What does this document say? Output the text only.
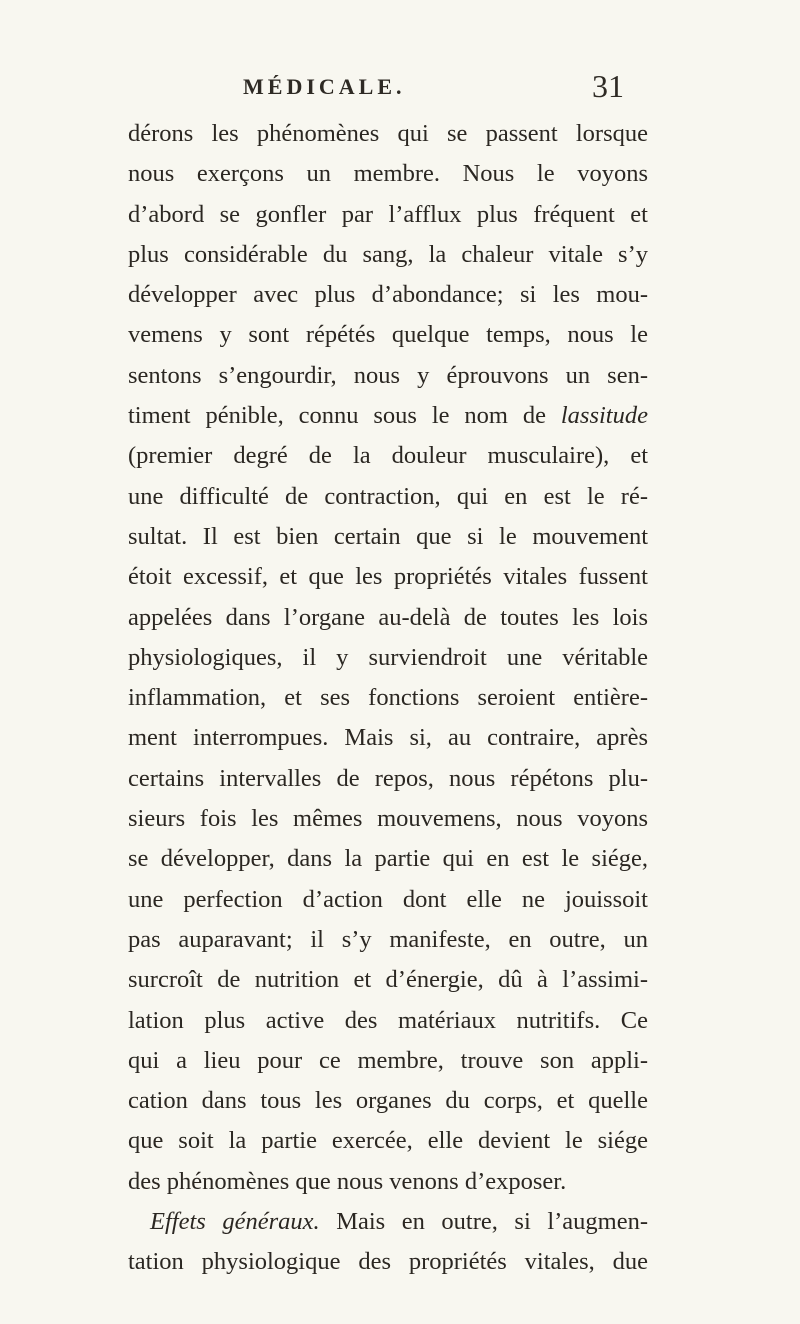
MÉDICALE.	31
dérons les phénomènes qui se passent lorsque
nous exerçons un membre. Nous le voyons
d’abord se gonfler par l’afflux plus fréquent et
plus considérable du sang, la chaleur vitale s’y
développer avec plus d’abondance; si les mou-
vemens y sont répétés quelque temps, nous le
sentons s’engourdir, nous y éprouvons un sen-
timent pénible, connu sous le nom de lassitude
(premier degré de la douleur musculaire), et
une difficulté de contraction, qui en est le ré-
sultat. Il est bien certain que si le mouvement
étoit excessif, et que les propriétés vitales fussent
appelées dans l’organe au-delà de toutes les lois
physiologiques, il y surviendroit une véritable
inflammation, et ses fonctions seroient entière-
ment interrompues. Mais si, au contraire, après
certains intervalles de repos, nous répétons plu-
sieurs fois les mêmes mouvemens, nous voyons
se développer, dans la partie qui en est le siége,
une perfection d’action dont elle ne jouissoit
pas auparavant; il s’y manifeste, en outre, un
surcroît de nutrition et d’énergie, dû à l’assimi-
lation plus active des matériaux nutritifs. Ce
qui a lieu pour ce membre, trouve son appli-
cation dans tous les organes du corps, et quelle
que soit la partie exercée, elle devient le siége
des phénomènes que nous venons d’exposer.
Effets généraux. Mais en outre, si l’augmen-
tation physiologique des propriétés vitales, due
